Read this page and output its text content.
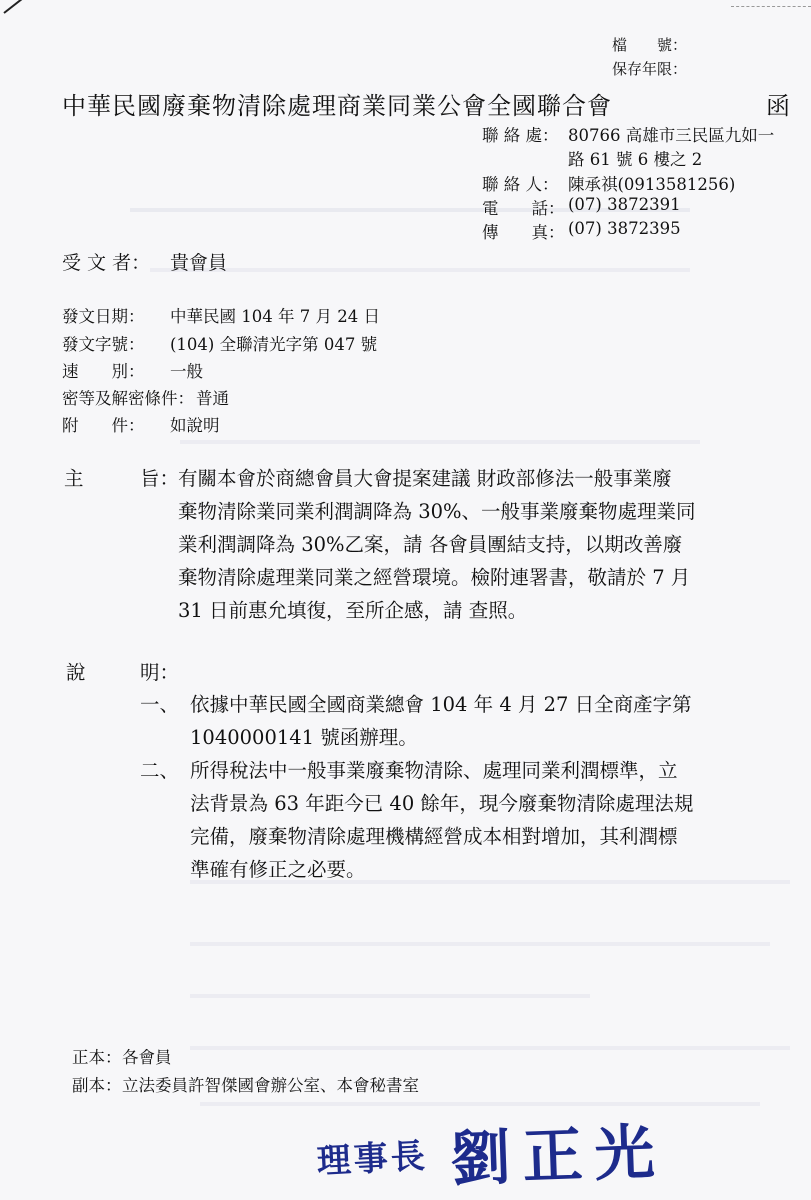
檔　　號：
保存年限：
中華民國廢棄物清除處理商業同業公會全國聯合會	函
聯 絡 處： 80766 高雄市三民區九如一
路 61 號 6 樓之 2
聯 絡 人： 陳承祺(0913581256)
電　　話： (07) 3872391
傳　　真： (07) 3872395
受 文 者： 貴會員
發文日期： 中華民國 104 年 7 月 24 日
發文字號： (104) 全聯清光字第 047 號
速　　別： 一般
密等及解密條件： 普通
附　　件： 如說明
主	旨：
有關本會於商總會員大會提案建議 財政部修法一般事業廢
棄物清除業同業利潤調降為 30%、一般事業廢棄物處理業同
業利潤調降為 30%乙案，請 各會員團結支持，以期改善廢
棄物清除處理業同業之經營環境。檢附連署書，敬請於 7 月
31 日前惠允填復，至所企感，請 查照。
說	明：
一、 依據中華民國全國商業總會 104 年 4 月 27 日全商產字第
1040000141 號函辦理。
二、 所得稅法中一般事業廢棄物清除、處理同業利潤標準，立
法背景為 63 年距今已 40 餘年，現今廢棄物清除處理法規
完備，廢棄物清除處理機構經營成本相對增加，其利潤標
準確有修正之必要。
正本： 各會員
副本： 立法委員許智傑國會辦公室、本會秘書室
理事長 劉正光
